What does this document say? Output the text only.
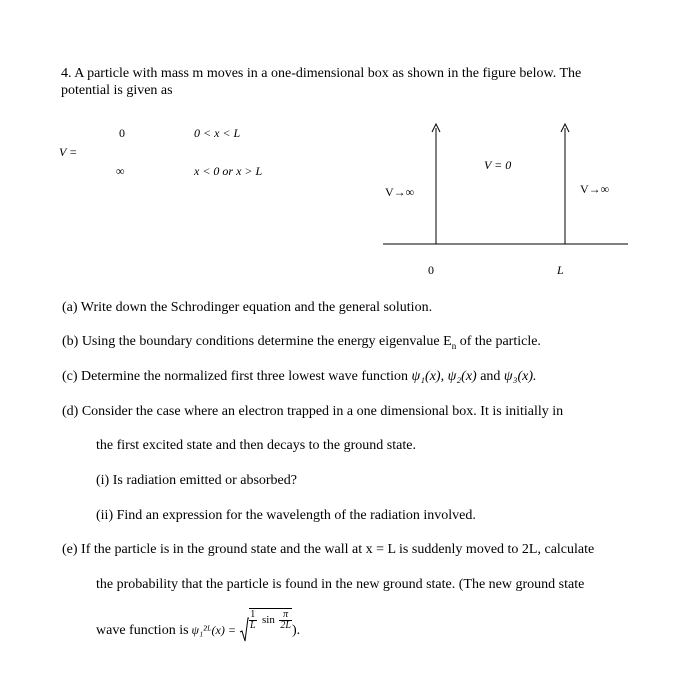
4. A particle with mass m moves in a one-dimensional box as shown in the figure below. The
potential is given as
V =
0	0 < x < L
∞	x < 0 or x > L
V→∞
V = 0
V→∞
0	L
(a) Write down the Schrodinger equation and the general solution.
(b) Using the boundary conditions determine the energy eigenvalue $E_n$ of the particle.
(c) Determine the normalized first three lowest wave function ψ₁(x), ψ₂(x) and ψ₃(x).
(d) Consider the case where an electron trapped in a one dimensional box. It is initially in
the first excited state and then decays to the ground state.
(i) Is radiation emitted or absorbed?
(ii) Find an expression for the wavelength of the radiation involved.
(e) If the particle is in the ground state and the wall at x = L is suddenly moved to 2L, calculate
the probability that the particle is found in the new ground state. (The new ground state
wave function is ψ₁²ᴸ(x) = $\frac{1}{L}$ $\sin \frac{\pi}{2L}$ ).
